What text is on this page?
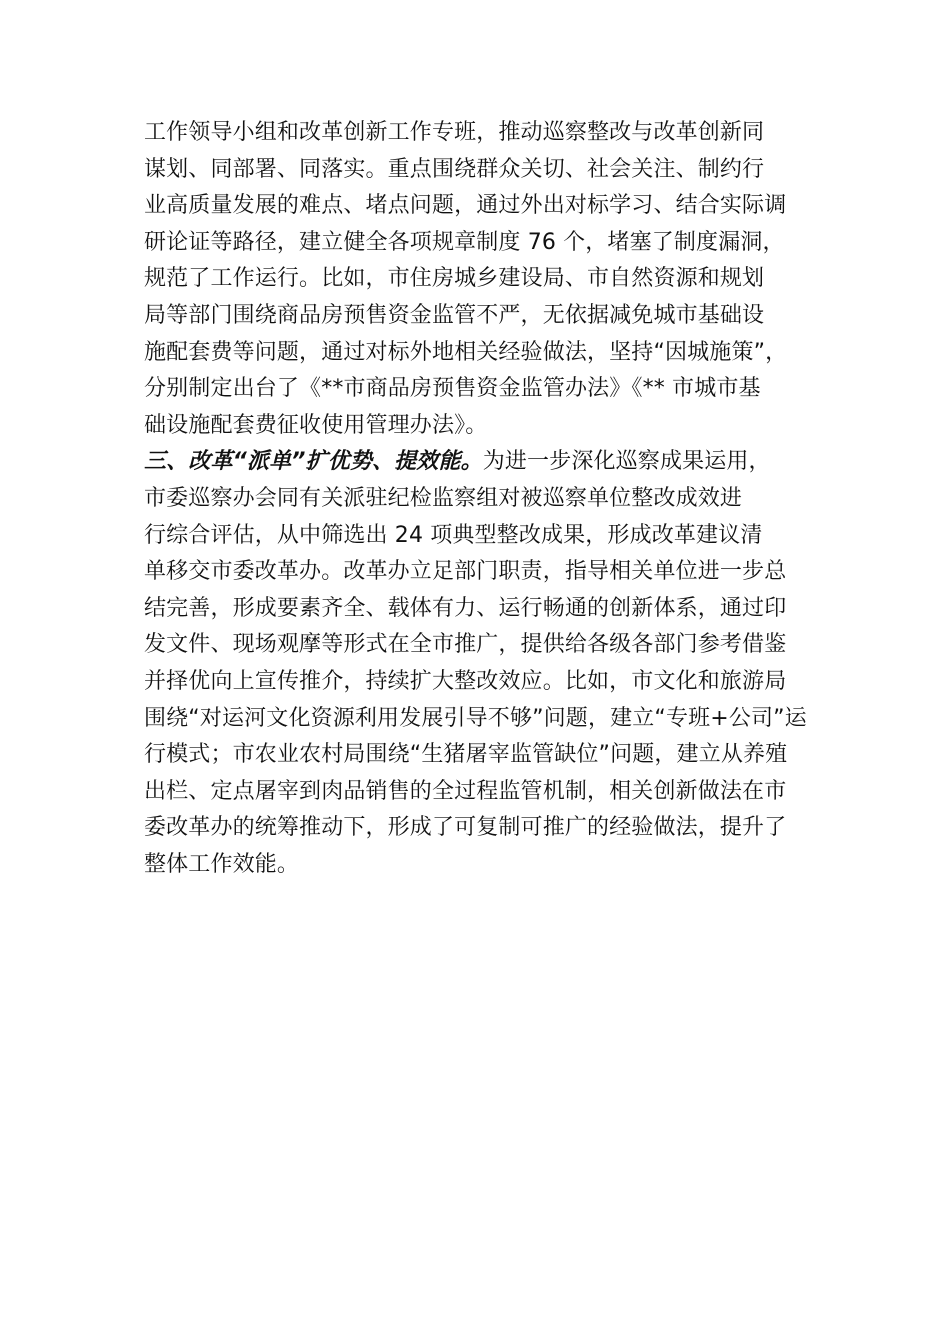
工作领导小组和改革创新工作专班，推动巡察整改与改革创新同
谋划、同部署、同落实。重点围绕群众关切、社会关注、制约行
业高质量发展的难点、堵点问题，通过外出对标学习、结合实际调
研论证等路径，建立健全各项规章制度 76 个，堵塞了制度漏洞，
规范了工作运行。比如，市住房城乡建设局、市自然资源和规划
局等部门围绕商品房预售资金监管不严，无依据减免城市基础设
施配套费等问题，通过对标外地相关经验做法，坚持“因城施策”，
分别制定出台了《**市商品房预售资金监管办法》《** 市城市基
础设施配套费征收使用管理办法》。
三、改革“派单”扩优势、提效能。为进一步深化巡察成果运用，
市委巡察办会同有关派驻纪检监察组对被巡察单位整改成效进
行综合评估，从中筛选出 24 项典型整改成果，形成改革建议清
单移交市委改革办。改革办立足部门职责，指导相关单位进一步总
结完善，形成要素齐全、载体有力、运行畅通的创新体系，通过印
发文件、现场观摩等形式在全市推广，提供给各级各部门参考借鉴
并择优向上宣传推介，持续扩大整改效应。比如，市文化和旅游局
围绕“对运河文化资源利用发展引导不够”问题，建立“专班+公司”运
行模式；市农业农村局围绕“生猪屠宰监管缺位”问题，建立从养殖
出栏、定点屠宰到肉品销售的全过程监管机制，相关创新做法在市
委改革办的统筹推动下，形成了可复制可推广的经验做法，提升了
整体工作效能。
